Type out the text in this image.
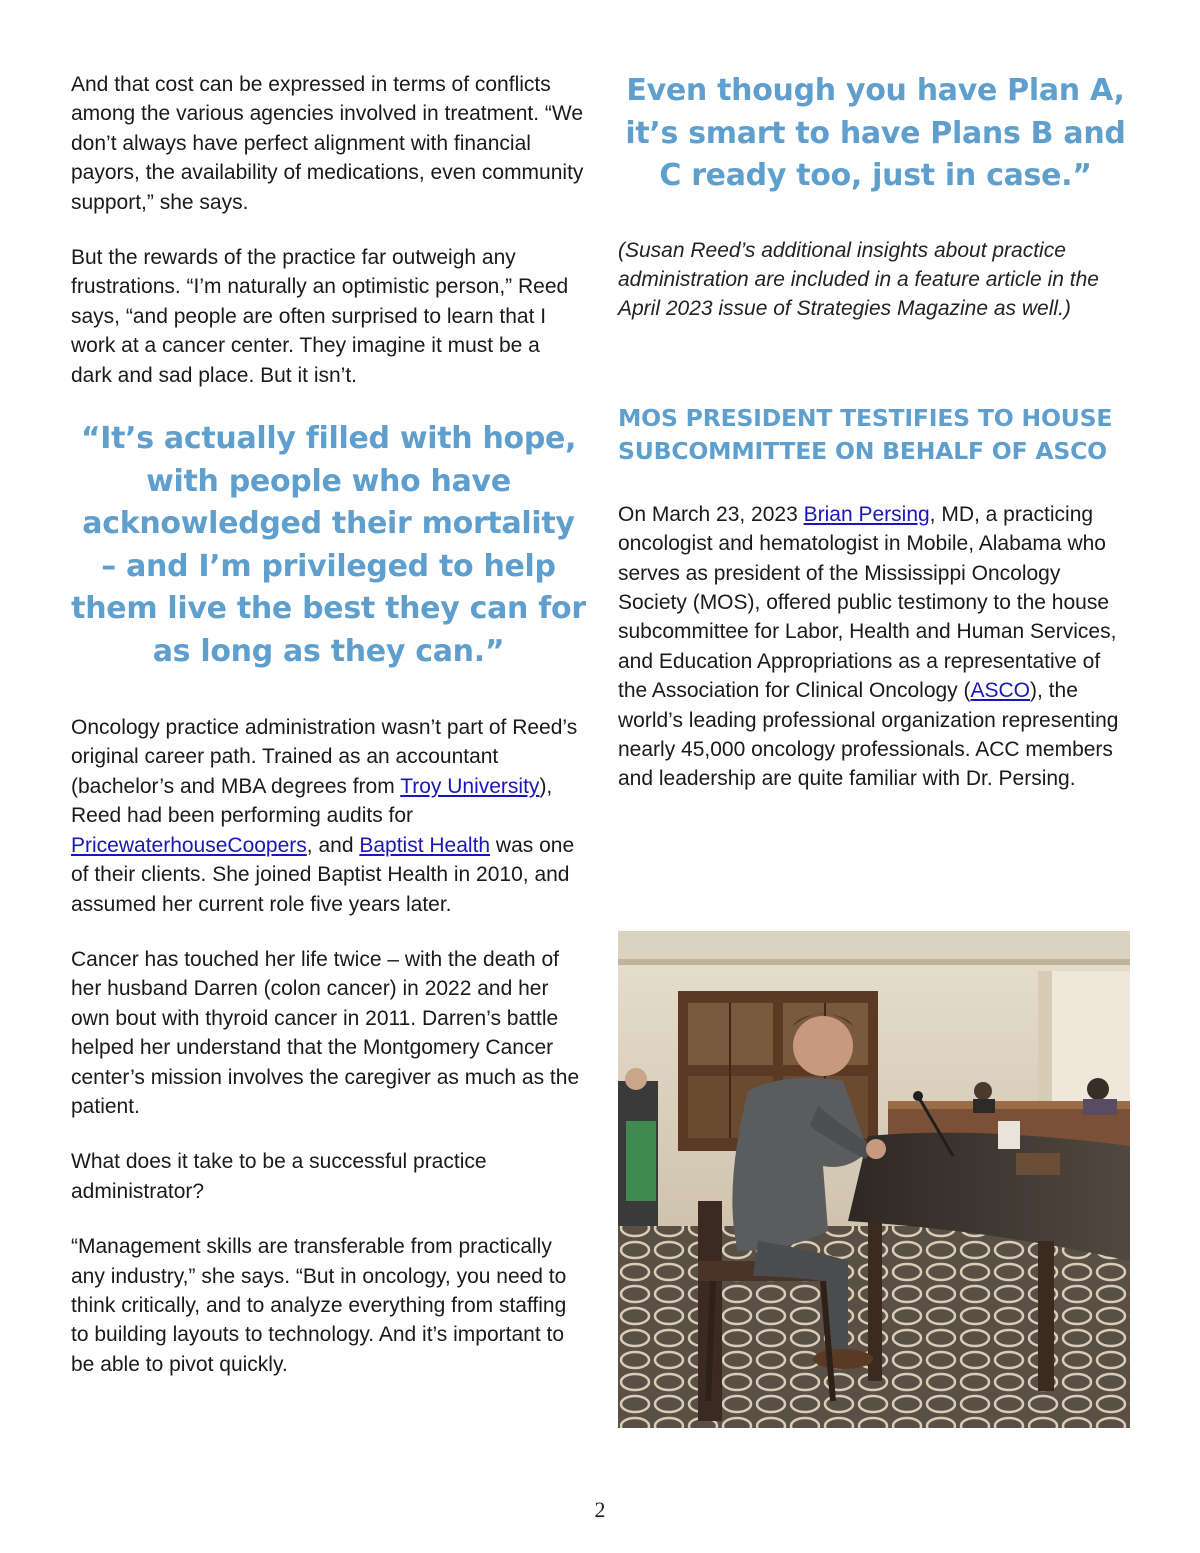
And that cost can be expressed in terms of conflicts among the various agencies involved in treatment. “We don’t always have perfect alignment with financial payors, the availability of medications, even community support,” she says.

But the rewards of the practice far outweigh any frustrations. “I’m naturally an optimistic person,” Reed says, “and people are often surprised to learn that I work at a cancer center. They imagine it must be a dark and sad place. But it isn’t.

“It’s actually filled with hope, with people who have acknowledged their mortality – and I’m privileged to help them live the best they can for as long as they can.”

Oncology practice administration wasn’t part of Reed’s original career path. Trained as an accountant (bachelor’s and MBA degrees from Troy University), Reed had been performing audits for PricewaterhouseCoopers, and Baptist Health was one of their clients. She joined Baptist Health in 2010, and assumed her current role five years later.

Cancer has touched her life twice – with the death of her husband Darren (colon cancer) in 2022 and her own bout with thyroid cancer in 2011. Darren’s battle helped her understand that the Montgomery Cancer center’s mission involves the caregiver as much as the patient.

What does it take to be a successful practice administrator?

“Management skills are transferable from practically any industry,” she says. “But in oncology, you need to think critically, and to analyze everything from staffing to building layouts to technology. And it’s important to be able to pivot quickly.

Even though you have Plan A, it’s smart to have Plans B and C ready too, just in case.”

(Susan Reed’s additional insights about practice administration are included in a feature article in the April 2023 issue of Strategies Magazine as well.)

MOS PRESIDENT TESTIFIES TO HOUSE SUBCOMMITTEE ON BEHALF OF ASCO

On March 23, 2023 Brian Persing, MD, a practicing oncologist and hematologist in Mobile, Alabama who serves as president of the Mississippi Oncology Society (MOS), offered public testimony to the house subcommittee for Labor, Health and Human Services, and Education Appropriations as a representative of the Association for Clinical Oncology (ASCO), the world’s leading professional organization representing nearly 45,000 oncology professionals. ACC members and leadership are quite familiar with Dr. Persing.

2
